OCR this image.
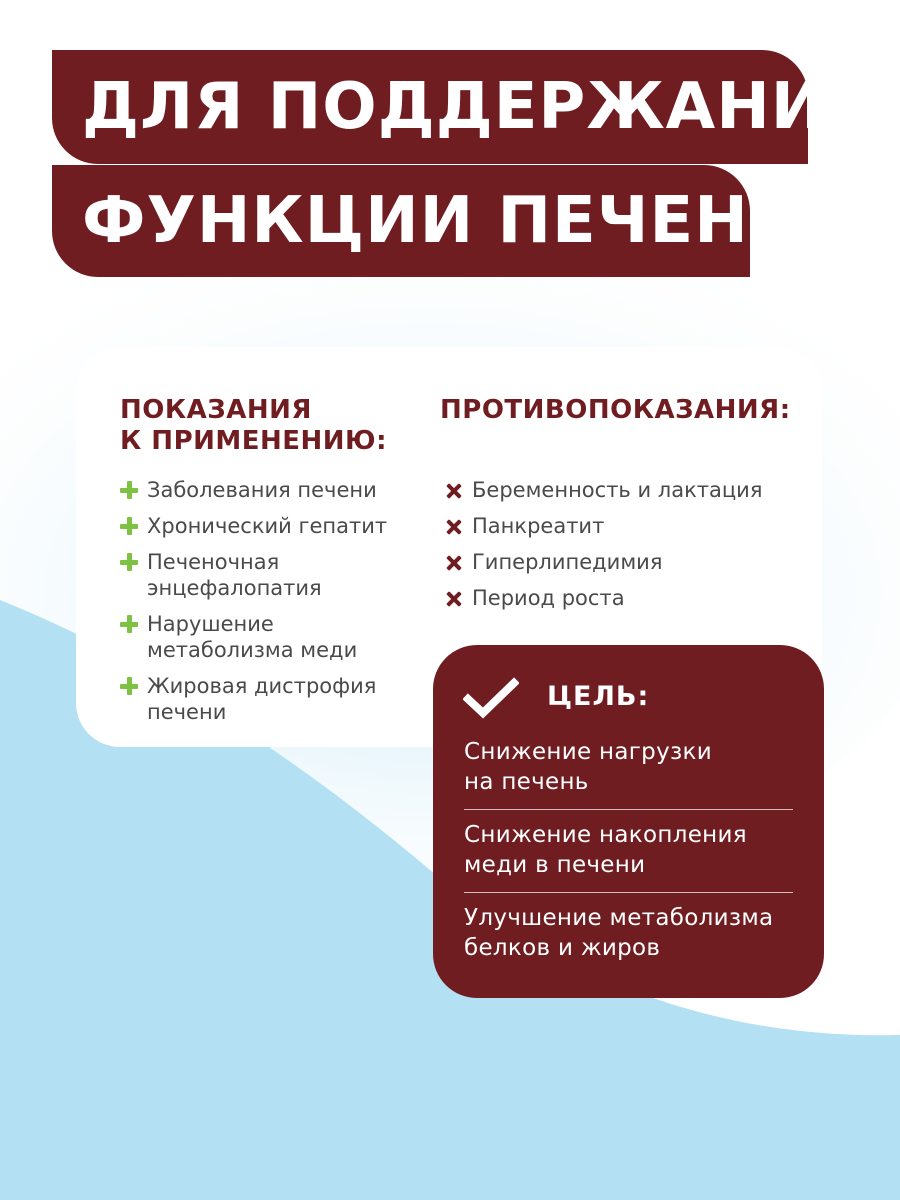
ДЛЯ ПОДДЕРЖАНИЯ
ФУНКЦИИ ПЕЧЕНИ
ПОКАЗАНИЯ
К ПРИМЕНЕНИЮ:
ПРОТИВОПОКАЗАНИЯ:
Заболевания печени
Хронический гепатит
Печеночная
энцефалопатия
Нарушение
метаболизма меди
Жировая дистрофия
печени
Беременность и лактация
Панкреатит
Гиперлипедимия
Период роста
ЦЕЛЬ:
Снижение нагрузки
на печень
Снижение накопления
меди в печени
Улучшение метаболизма
белков и жиров
